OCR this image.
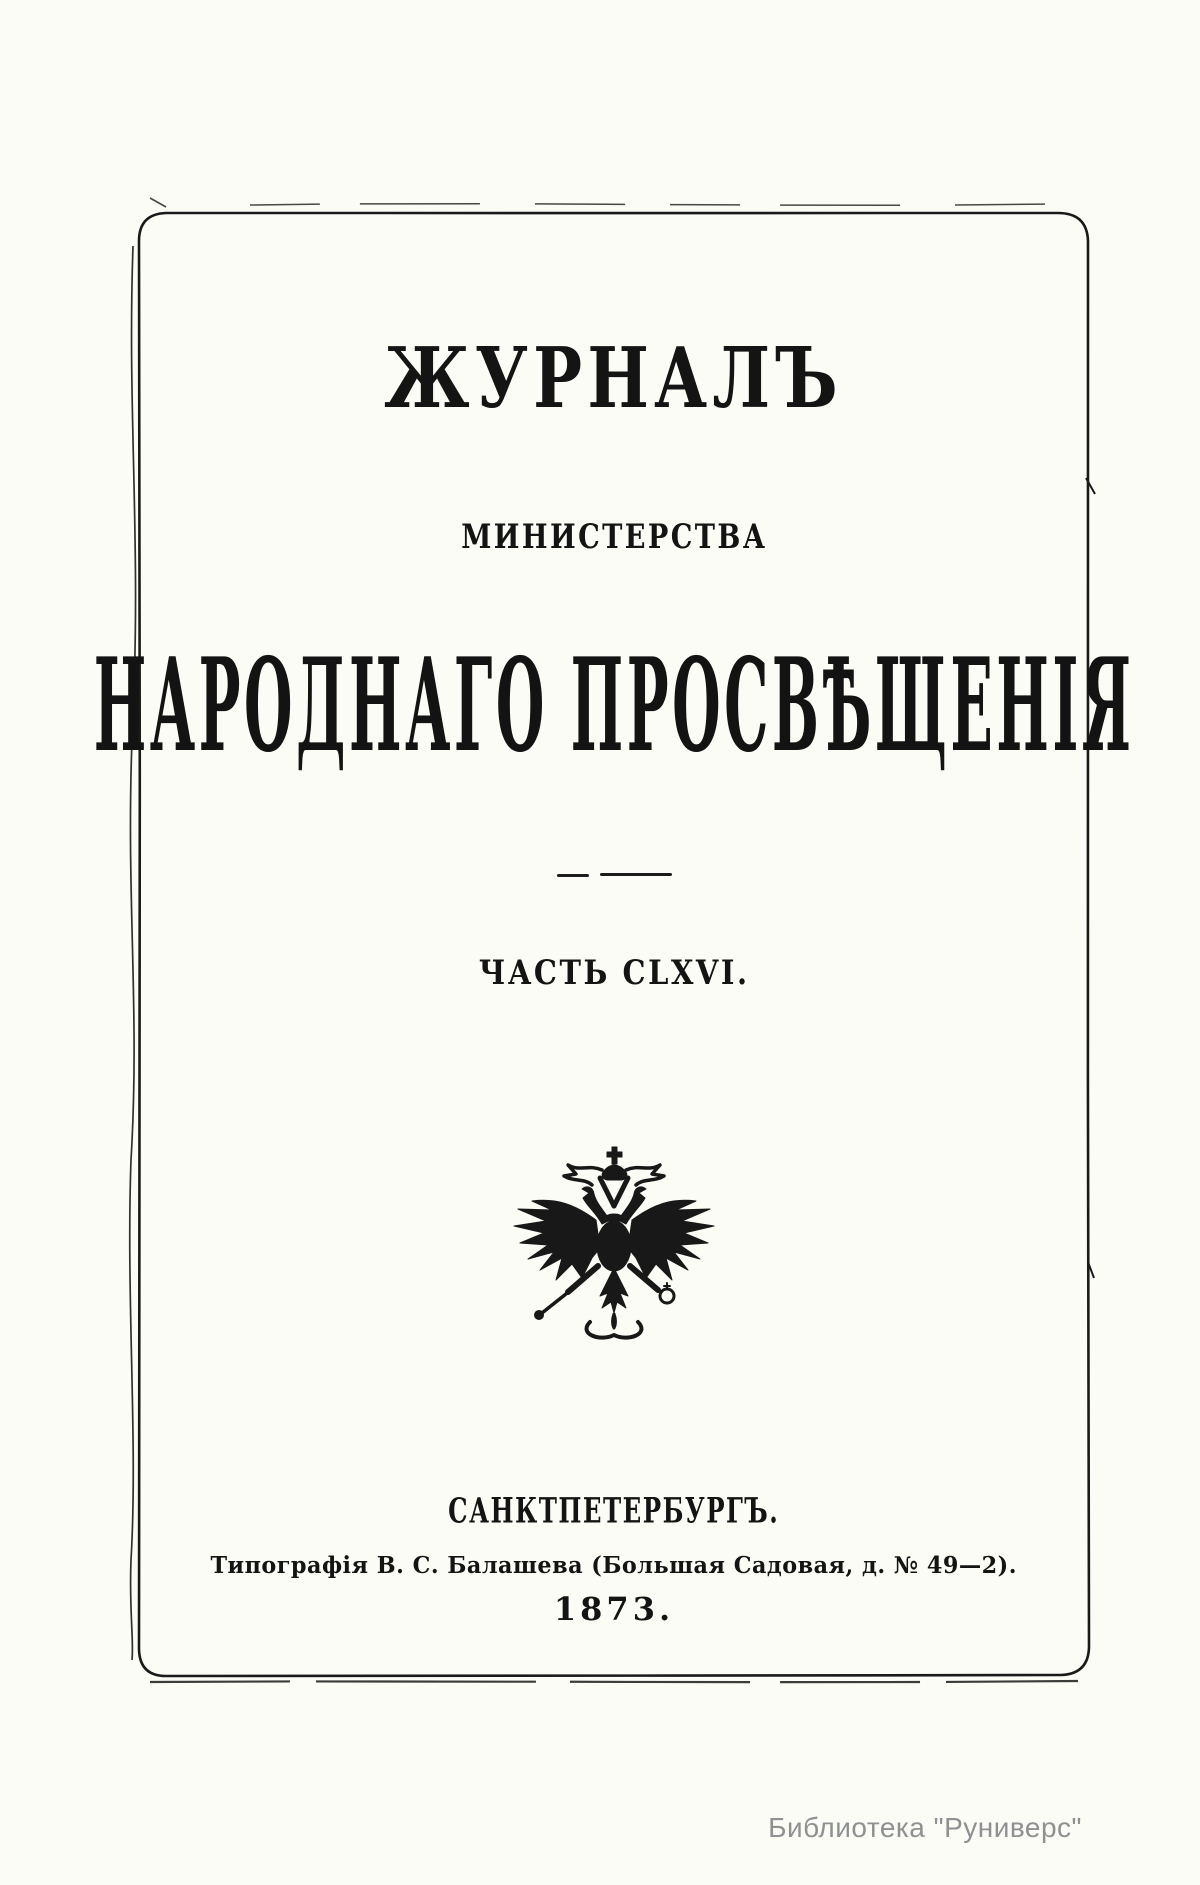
ЖУРНАЛЪ
МИНИСТЕРСТВА
НАРОДНАГО ПРОСВѢЩЕНІЯ
ЧАСТЬ CLXVI.
САНКТПЕТЕРБУРГЪ.
Типографія В. С. Балашева (Большая Садовая, д. № 49—2).
1873.
Библиотека "Руниверс"
